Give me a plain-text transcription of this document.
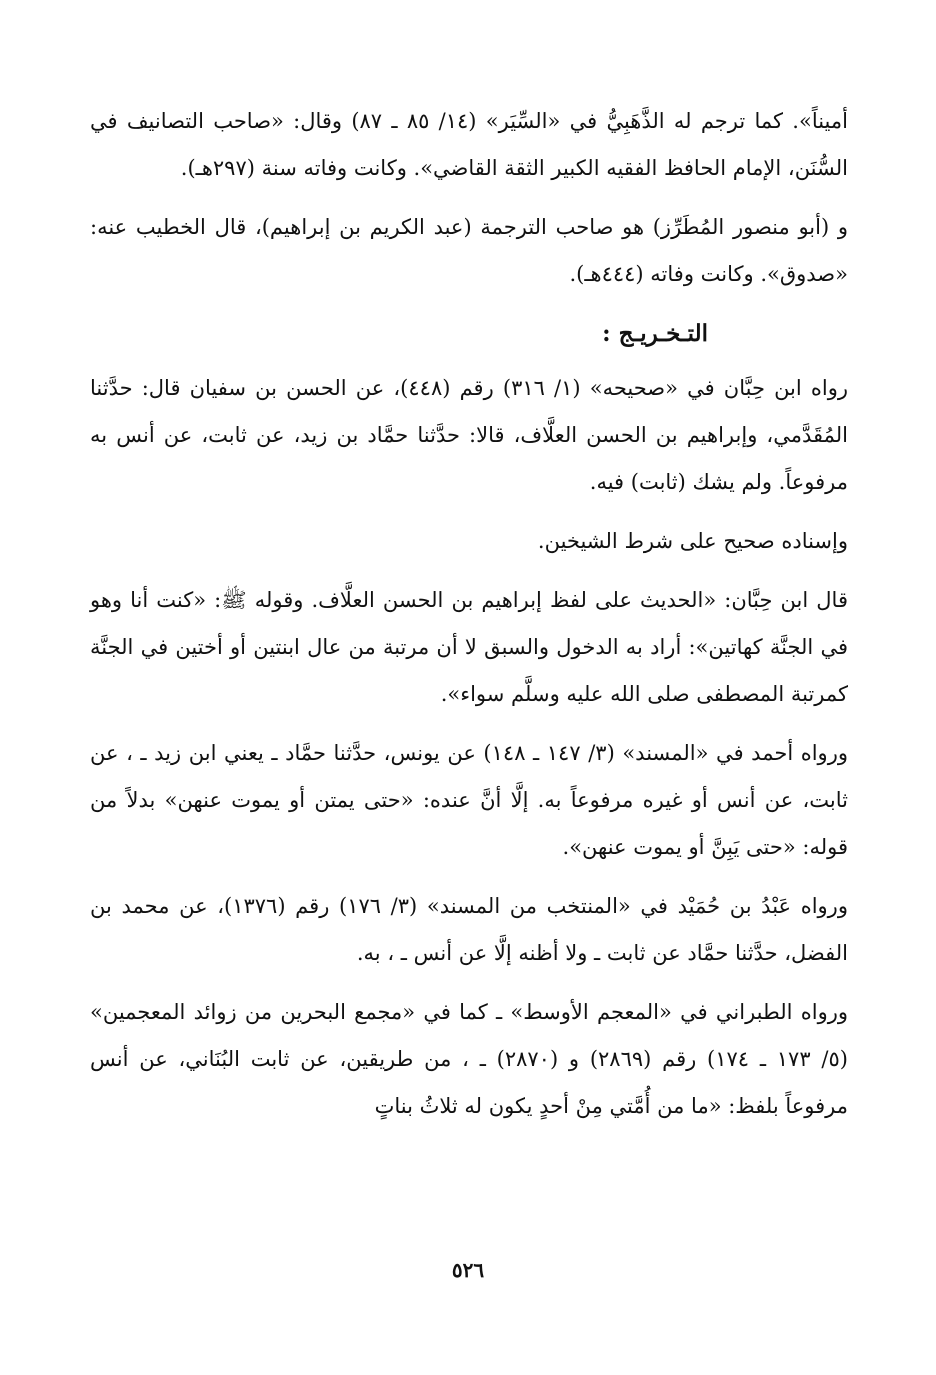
أميناً». كما ترجم له الذَّهَبِيُّ في «السِّيَر» (١٤/ ٨٥ ـ ٨٧) وقال: «صاحب التصانيف في السُّنَن، الإمام الحافظ الفقيه الكبير الثقة القاضي». وكانت وفاته سنة (٢٩٧هـ).

و (أبو منصور المُطَرِّز) هو صاحب الترجمة (عبد الكريم بن إبراهيم)، قال الخطيب عنه: «صدوق». وكانت وفاته (٤٤٤هـ).

التـخـريـج :

رواه ابن حِبَّان في «صحيحه» (١/ ٣١٦) رقم (٤٤٨)، عن الحسن بن سفيان قال: حدَّثنا المُقَدَّمي، وإبراهيم بن الحسن العلَّاف، قالا: حدَّثنا حمَّاد بن زيد، عن ثابت، عن أنس به مرفوعاً. ولم يشك (ثابت) فيه.

وإسناده صحيح على شرط الشيخين.

قال ابن حِبَّان: «الحديث على لفظ إبراهيم بن الحسن العلَّاف. وقوله ﷺ: «كنت أنا وهو في الجنَّة كهاتين»: أراد به الدخول والسبق لا أن مرتبة من عال ابنتين أو أختين في الجنَّة كمرتبة المصطفى صلى الله عليه وسلَّم سواء».

ورواه أحمد في «المسند» (٣/ ١٤٧ ـ ١٤٨) عن يونس، حدَّثنا حمَّاد ـ يعني ابن زيد ـ ، عن ثابت، عن أنس أو غيره مرفوعاً به. إلَّا أنَّ عنده: «حتى يمتن أو يموت عنهن» بدلاً من قوله: «حتى يَبِنَّ أو يموت عنهن».

ورواه عَبْدُ بن حُمَيْد في «المنتخب من المسند» (٣/ ١٧٦) رقم (١٣٧٦)، عن محمد بن الفضل، حدَّثنا حمَّاد عن ثابت ـ ولا أظنه إلَّا عن أنس ـ ، به.

ورواه الطبراني في «المعجم الأوسط» ـ كما في «مجمع البحرين من زوائد المعجمين» (٥/ ١٧٣ ـ ١٧٤) رقم (٢٨٦٩) و (٢٨٧٠) ـ ، من طريقين، عن ثابت البُنَاني، عن أنس مرفوعاً بلفظ: «ما من أُمَّتي مِنْ أحدٍ يكون له ثلاثُ بناتٍ

٥٢٦
